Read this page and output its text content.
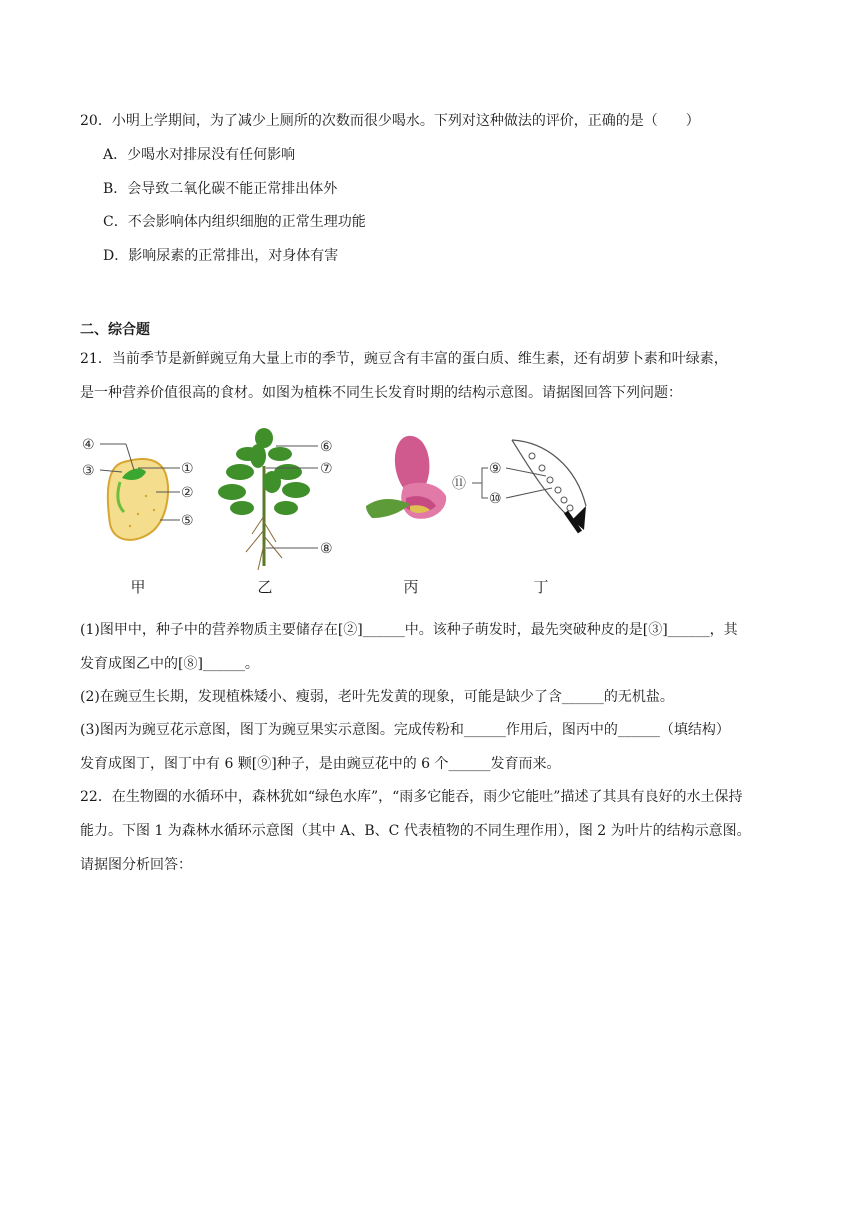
20．小明上学期间，为了减少上厕所的次数而很少喝水。下列对这种做法的评价，正确的是（　　）
A．少喝水对排尿没有任何影响
B．会导致二氧化碳不能正常排出体外
C．不会影响体内组织细胞的正常生理功能
D．影响尿素的正常排出，对身体有害
二、综合题
21．当前季节是新鲜豌豆角大量上市的季节，豌豆含有丰富的蛋白质、维生素，还有胡萝卜素和叶绿素，
是一种营养价值很高的食材。如图为植株不同生长发育时期的结构示意图。请据图回答下列问题：
④
③	①
②
⑤
⑥
⑦
⑧
⑪
⑨
⑩
甲	乙	丙	丁
(1)图甲中，种子中的营养物质主要储存在[②]______中。该种子萌发时，最先突破种皮的是[③]______，其
发育成图乙中的[⑧]______。
(2)在豌豆生长期，发现植株矮小、瘦弱，老叶先发黄的现象，可能是缺少了含______的无机盐。
(3)图丙为豌豆花示意图，图丁为豌豆果实示意图。完成传粉和______作用后，图丙中的______（填结构）
发育成图丁，图丁中有 6 颗[⑨]种子，是由豌豆花中的 6 个______发育而来。
22．在生物圈的水循环中，森林犹如“绿色水库”，“雨多它能吞，雨少它能吐”描述了其具有良好的水土保持
能力。下图 1 为森林水循环示意图（其中 A、B、C 代表植物的不同生理作用），图 2 为叶片的结构示意图。
请据图分析回答：
